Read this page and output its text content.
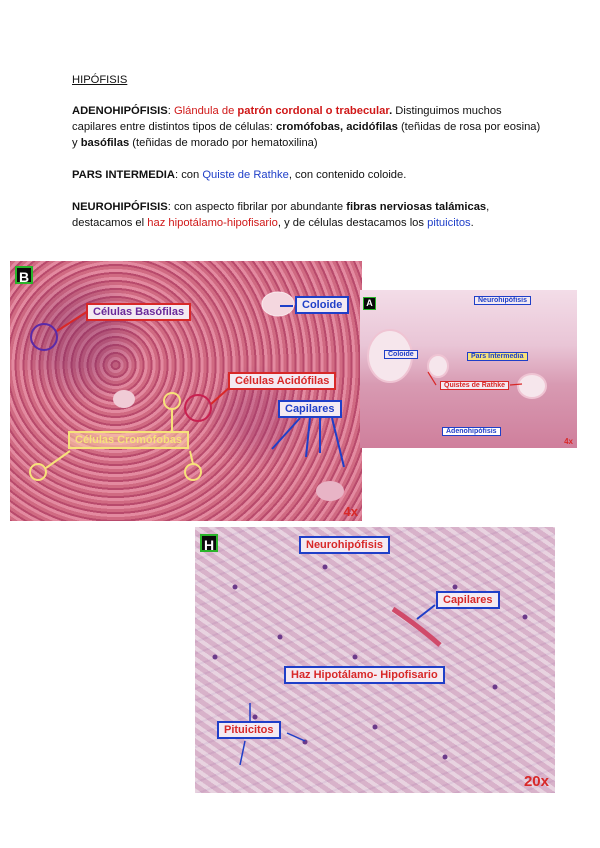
HIPÓFISIS
ADENOHIPÓFISIS: Glándula de patrón cordonal o trabecular. Distinguimos muchos capilares entre distintos tipos de células: cromófobas, acidófilas (teñidas de rosa por eosina) y basófilas (teñidas de morado por hematoxilina)
PARS INTERMEDIA: con Quiste de Rathke, con contenido coloide.
NEUROHIPÓFISIS: con aspecto fibrilar por abundante fibras nerviosas talámicas, destacamos el haz hipotálamo-hipofisario, y de células destacamos los pituicitos.
B
Células Basófilas
Coloide
Células Acidófilas
Capilares
Células Cromófobas
4x
A	Neurohipófisis
Coloide	Pars Intermedia
Quistes de Rathke
Adenohipófisis
4x
H	Neurohipófisis
Capilares
Haz Hipotálamo- Hipofisario
Pituicitos
20x
